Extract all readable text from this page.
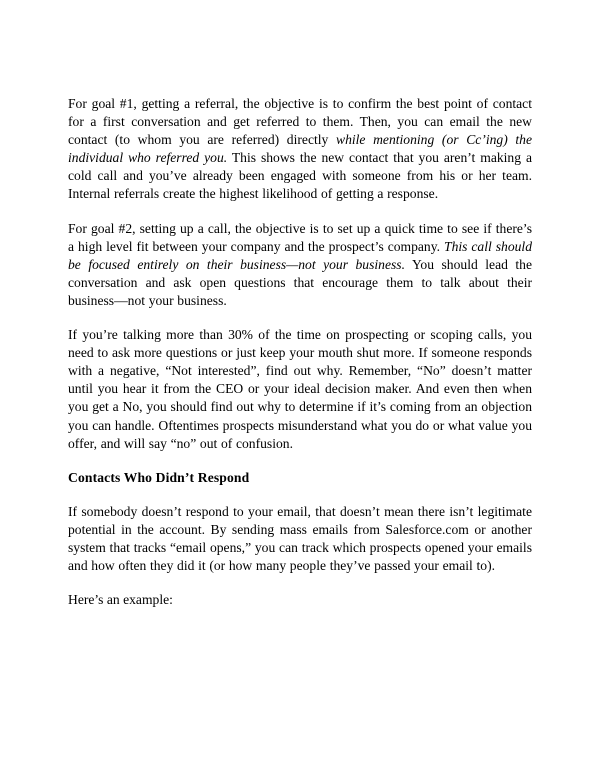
For goal #1, getting a referral, the objective is to confirm the best point of contact for a first conversation and get referred to them. Then, you can email the new contact (to whom you are referred) directly while mentioning (or Cc’ing) the individual who referred you. This shows the new contact that you aren’t making a cold call and you’ve already been engaged with someone from his or her team. Internal referrals create the highest likelihood of getting a response.

For goal #2, setting up a call, the objective is to set up a quick time to see if there’s a high level fit between your company and the prospect’s company. This call should be focused entirely on their business—not your business. You should lead the conversation and ask open questions that encourage them to talk about their business—not your business.

If you’re talking more than 30% of the time on prospecting or scoping calls, you need to ask more questions or just keep your mouth shut more. If someone responds with a negative, “Not interested”, find out why. Remember, “No” doesn’t matter until you hear it from the CEO or your ideal decision maker. And even then when you get a No, you should find out why to determine if it’s coming from an objection you can handle. Oftentimes prospects misunderstand what you do or what value you offer, and will say “no” out of confusion.

Contacts Who Didn’t Respond

If somebody doesn’t respond to your email, that doesn’t mean there isn’t legitimate potential in the account. By sending mass emails from Salesforce.com or another system that tracks “email opens,” you can track which prospects opened your emails and how often they did it (or how many people they’ve passed your email to).

Here’s an example:
